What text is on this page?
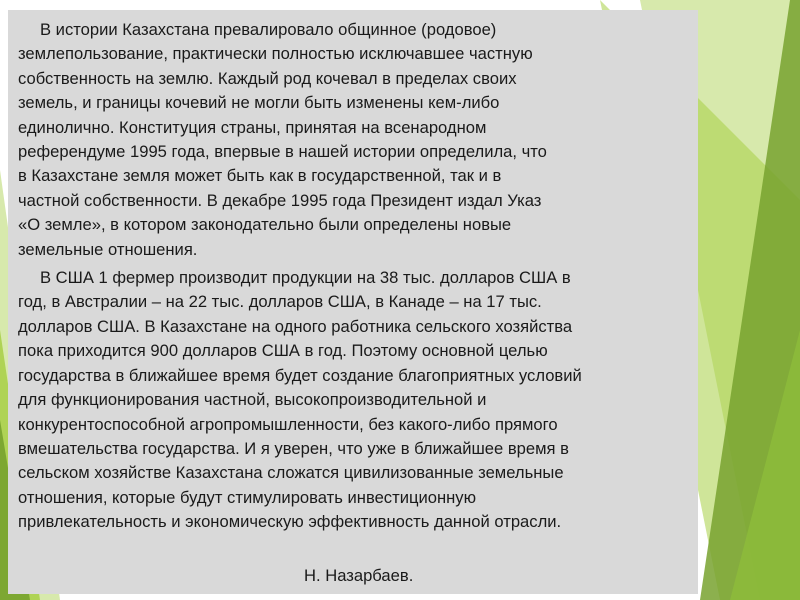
В истории Казахстана превалировало общинное (родовое)
землепользование, практически полностью исключавшее частную
собственность на землю. Каждый род кочевал в пределах своих
земель, и границы кочевий не могли быть изменены кем-либо
единолично. Конституция страны, принятая на всенародном
референдуме 1995 года, впервые в нашей истории определила, что
в Казахстане земля может быть как в государственной, так и в
частной собственности. В декабре 1995 года Президент издал Указ
«О земле», в котором законодательно были определены новые
земельные отношения.

В США 1 фермер производит продукции на 38 тыс. долларов США в
год, в Австралии – на 22 тыс. долларов США, в Канаде – на 17 тыс.
долларов США. В Казахстане на одного работника сельского хозяйства
пока приходится 900 долларов США в год. Поэтому основной целью
государства в ближайшее время будет создание благоприятных условий
для функционирования частной, высокопроизводительной и
конкурентоспособной агропромышленности, без какого-либо прямого
вмешательства государства. И я уверен, что уже в ближайшее время в
сельском хозяйстве Казахстана сложатся цивилизованные земельные
отношения, которые будут стимулировать инвестиционную
привлекательность и экономическую эффективность данной отрасли.

Н. Назарбаев.
